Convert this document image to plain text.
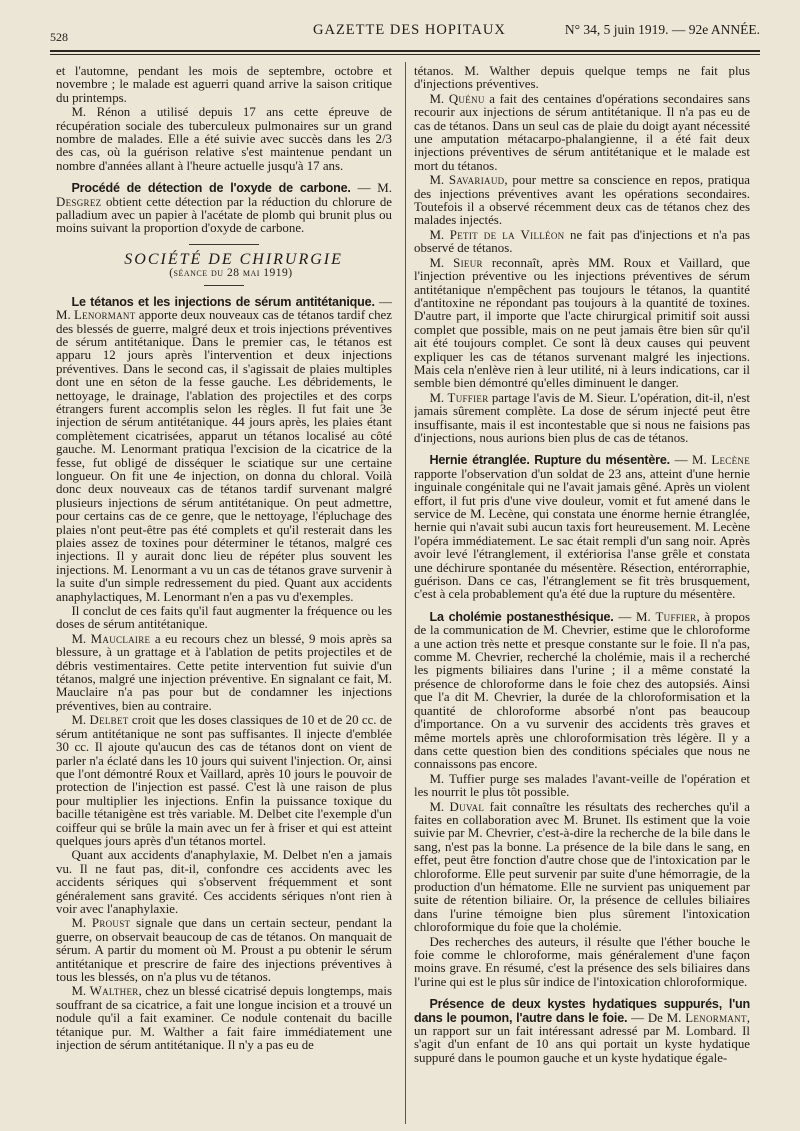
528	GAZETTE DES HOPITAUX	N° 34, 5 juin 1919. — 92e ANNÉE.

et l'automne, pendant les mois de septembre, octobre et novembre ; le malade est aguerri quand arrive la saison critique du printemps.

M. Rénon a utilisé depuis 17 ans cette épreuve de récupération sociale des tuberculeux pulmonaires sur un grand nombre de malades. Elle a été suivie avec succès dans les 2/3 des cas, où la guérison relative s'est maintenue pendant un nombre d'années allant à l'heure actuelle jusqu'à 17 ans.

Procédé de détection de l'oxyde de carbone. — M. Desgrez obtient cette détection par la réduction du chlorure de palladium avec un papier à l'acétate de plomb qui brunit plus ou moins suivant la proportion d'oxyde de carbone.

SOCIÉTÉ DE CHIRURGIE

(séance du 28 mai 1919)

Le tétanos et les injections de sérum antitétanique. — M. Lenormant apporte deux nouveaux cas de tétanos tardif chez des blessés de guerre, malgré deux et trois injections préventives de sérum antitétanique. Dans le premier cas, le tétanos est apparu 12 jours après l'intervention et deux injections préventives. Dans le second cas, il s'agissait de plaies multiples dont une en séton de la fesse gauche. Les débridements, le nettoyage, le drainage, l'ablation des projectiles et des corps étrangers furent accomplis selon les règles. Il fut fait une 3e injection de sérum antitétanique. 44 jours après, les plaies étant complètement cicatrisées, apparut un tétanos localisé au côté gauche. M. Lenormant pratiqua l'excision de la cicatrice de la fesse, fut obligé de disséquer le sciatique sur une certaine longueur. On fit une 4e injection, on donna du chloral. Voilà donc deux nouveaux cas de tétanos tardif survenant malgré plusieurs injections de sérum antitétanique. On peut admettre, pour certains cas de ce genre, que le nettoyage, l'épluchage des plaies n'ont peut-être pas été complets et qu'il resterait dans les plaies assez de toxines pour déterminer le tétanos, malgré ces injections. Il y aurait donc lieu de répéter plus souvent les injections. M. Lenormant a vu un cas de tétanos grave survenir à la suite d'un simple redressement du pied. Quant aux accidents anaphylactiques, M. Lenormant n'en a pas vu d'exemples.

Il conclut de ces faits qu'il faut augmenter la fréquence ou les doses de sérum antitétanique.

M. Mauclaire a eu recours chez un blessé, 9 mois après sa blessure, à un grattage et à l'ablation de petits projectiles et de débris vestimentaires. Cette petite intervention fut suivie d'un tétanos, malgré une injection préventive. En signalant ce fait, M. Mauclaire n'a pas pour but de condamner les injections préventives, bien au contraire.

M. Delbet croit que les doses classiques de 10 et de 20 cc. de sérum antitétanique ne sont pas suffisantes. Il injecte d'emblée 30 cc. Il ajoute qu'aucun des cas de tétanos dont on vient de parler n'a éclaté dans les 10 jours qui suivent l'injection. Or, ainsi que l'ont démontré Roux et Vaillard, après 10 jours le pouvoir de protection de l'injection est passé. C'est là une raison de plus pour multiplier les injections. Enfin la puissance toxique du bacille tétanigène est très variable. M. Delbet cite l'exemple d'un coiffeur qui se brûle la main avec un fer à friser et qui est atteint quelques jours après d'un tétanos mortel.

Quant aux accidents d'anaphylaxie, M. Delbet n'en a jamais vu. Il ne faut pas, dit-il, confondre ces accidents avec les accidents sériques qui s'observent fréquemment et sont généralement sans gravité. Ces accidents sériques n'ont rien à voir avec l'anaphylaxie.

M. Proust signale que dans un certain secteur, pendant la guerre, on observait beaucoup de cas de tétanos. On manquait de sérum. A partir du moment où M. Proust a pu obtenir le sérum antitétanique et prescrire de faire des injections préventives à tous les blessés, on n'a plus vu de tétanos.

M. Walther, chez un blessé cicatrisé depuis longtemps, mais souffrant de sa cicatrice, a fait une longue incision et a trouvé un nodule qu'il a fait examiner. Ce nodule contenait du bacille tétanique pur. M. Walther a fait faire immédiatement une injection de sérum antitétanique. Il n'y a pas eu de

tétanos. M. Walther depuis quelque temps ne fait plus d'injections préventives.

M. Quénu a fait des centaines d'opérations secondaires sans recourir aux injections de sérum antitétanique. Il n'a pas eu de cas de tétanos. Dans un seul cas de plaie du doigt ayant nécessité une amputation métacarpo-phalangienne, il a été fait deux injections préventives de sérum antitétanique et le malade est mort du tétanos.

M. Savariaud, pour mettre sa conscience en repos, pratiqua des injections préventives avant les opérations secondaires. Toutefois il a observé récemment deux cas de tétanos chez des malades injectés.

M. Petit de la Villéon ne fait pas d'injections et n'a pas observé de tétanos.

M. Sieur reconnaît, après MM. Roux et Vaillard, que l'injection préventive ou les injections préventives de sérum antitétanique n'empêchent pas toujours le tétanos, la quantité d'antitoxine ne répondant pas toujours à la quantité de toxines. D'autre part, il importe que l'acte chirurgical primitif soit aussi complet que possible, mais on ne peut jamais être bien sûr qu'il ait été toujours complet. Ce sont là deux causes qui peuvent expliquer les cas de tétanos survenant malgré les injections. Mais cela n'enlève rien à leur utilité, ni à leurs indications, car il semble bien démontré qu'elles diminuent le danger.

M. Tuffier partage l'avis de M. Sieur. L'opération, dit-il, n'est jamais sûrement complète. La dose de sérum injecté peut être insuffisante, mais il est incontestable que si nous ne faisions pas d'injections, nous aurions bien plus de cas de tétanos.

Hernie étranglée. Rupture du mésentère. — M. Lecène rapporte l'observation d'un soldat de 23 ans, atteint d'une hernie inguinale congénitale qui ne l'avait jamais gêné. Après un violent effort, il fut pris d'une vive douleur, vomit et fut amené dans le service de M. Lecène, qui constata une énorme hernie étranglée, hernie qui n'avait subi aucun taxis fort heureusement. M. Lecène l'opéra immédiatement. Le sac était rempli d'un sang noir. Après avoir levé l'étranglement, il extériorisa l'anse grêle et constata une déchirure spontanée du mésentère. Résection, entérorraphie, guérison. Dans ce cas, l'étranglement se fit très brusquement, c'est à cela probablement qu'a été due la rupture du mésentère.

La cholémie postanesthésique. — M. Tuffier, à propos de la communication de M. Chevrier, estime que le chloroforme a une action très nette et presque constante sur le foie. Il n'a pas, comme M. Chevrier, recherché la cholémie, mais il a recherché les pigments biliaires dans l'urine ; il a même constaté la présence de chloroforme dans le foie chez des autopsiés. Ainsi que l'a dit M. Chevrier, la durée de la chloroformisation et la quantité de chloroforme absorbé n'ont pas beaucoup d'importance. On a vu survenir des accidents très graves et même mortels après une chloroformisation très légère. Il y a dans cette question bien des conditions spéciales que nous ne connaissons pas encore.

M. Tuffier purge ses malades l'avant-veille de l'opération et les nourrit le plus tôt possible.

M. Duval fait connaître les résultats des recherches qu'il a faites en collaboration avec M. Brunet. Ils estiment que la voie suivie par M. Chevrier, c'est-à-dire la recherche de la bile dans le sang, n'est pas la bonne. La présence de la bile dans le sang, en effet, peut être fonction d'autre chose que de l'intoxication par le chloroforme. Elle peut survenir par suite d'une hémorragie, de la production d'un hématome. Elle ne survient pas uniquement par suite de rétention biliaire. Or, la présence de cellules biliaires dans l'urine témoigne bien plus sûrement l'intoxication chloroformique du foie que la cholémie.

Des recherches des auteurs, il résulte que l'éther bouche le foie comme le chloroforme, mais généralement d'une façon moins grave. En résumé, c'est la présence des sels biliaires dans l'urine qui est le plus sûr indice de l'intoxication chloroformique.

Présence de deux kystes hydatiques suppurés, l'un dans le poumon, l'autre dans le foie. — De M. Lenormant, un rapport sur un fait intéressant adressé par M. Lombard. Il s'agit d'un enfant de 10 ans qui portait un kyste hydatique suppuré dans le poumon gauche et un kyste hydatique égale-
